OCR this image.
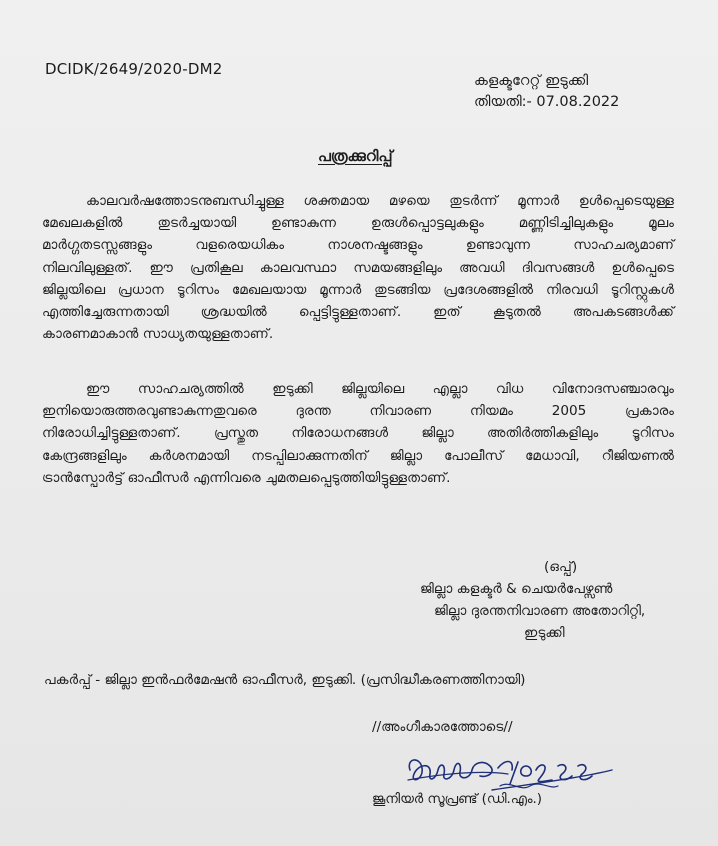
DCIDK/2649/2020-DM2
കളക്ടറേറ്റ് ഇടുക്കി
തിയതി:- 07.08.2022
പത്രക്കുറിപ്പ്
കാലവർഷത്തോടനുബന്ധിച്ചുള്ള ശക്തമായ മഴയെ തുടർന്ന് മൂന്നാർ ഉൾപ്പെടെയുള്ള
മേഖലകളിൽ തുടർച്ചയായി ഉണ്ടാകുന്ന ഉരുൾപ്പൊട്ടലുകളും മണ്ണിടിച്ചിലുകളും മൂലം
മാർഗ്ഗതടസ്സങ്ങളും വളരെയധികം നാശനഷ്ടങ്ങളും ഉണ്ടാവുന്ന സാഹചര്യമാണ്
നിലവിലുള്ളത്. ഈ പ്രതികൂല കാലവസ്ഥാ സമയങ്ങളിലും അവധി ദിവസങ്ങൾ ഉൾപ്പെടെ
ജില്ലയിലെ പ്രധാന ടൂറിസം മേഖലയായ മൂന്നാർ തുടങ്ങിയ പ്രദേശങ്ങളിൽ നിരവധി ടൂറിസ്റ്റുകൾ
എത്തിച്ചേരുന്നതായി ശ്രദ്ധയിൽ പ്പെട്ടിട്ടുള്ളതാണ്. ഇത് കൂടുതൽ അപകടങ്ങൾക്ക്
കാരണമാകാൻ സാധ്യതയുള്ളതാണ്.
ഈ സാഹചര്യത്തിൽ ഇടുക്കി ജില്ലയിലെ എല്ലാ വിധ വിനോദസഞ്ചാരവും
ഇനിയൊരുത്തരവുണ്ടാകുന്നതുവരെ ദുരന്ത നിവാരണ നിയമം 2005 പ്രകാരം
നിരോധിച്ചിട്ടുള്ളതാണ്. പ്രസ്തുത നിരോധനങ്ങൾ ജില്ലാ അതിർത്തികളിലും ടൂറിസം
കേന്ദ്രങ്ങളിലും കർശനമായി നടപ്പിലാക്കുന്നതിന് ജില്ലാ പോലീസ് മേധാവി, റീജിയണൽ
ട്രാൻസ്പോർട്ട് ഓഫീസർ എന്നിവരെ ചുമതലപ്പെടുത്തിയിട്ടുള്ളതാണ്.
(ഒപ്പ്)
ജില്ലാ കളക്ടർ & ചെയർപേഴ്സൺ
ജില്ലാ ദുരന്തനിവാരണ അതോറിറ്റി,
ഇടുക്കി
പകർപ്പ് - ജില്ലാ ഇൻഫർമേഷൻ ഓഫീസർ, ഇടുക്കി. (പ്രസിദ്ധീകരണത്തിനായി)
//അംഗീകാരത്തോടെ//
ജൂനിയർ സൂപ്രണ്ട് (ഡി.എം.)
